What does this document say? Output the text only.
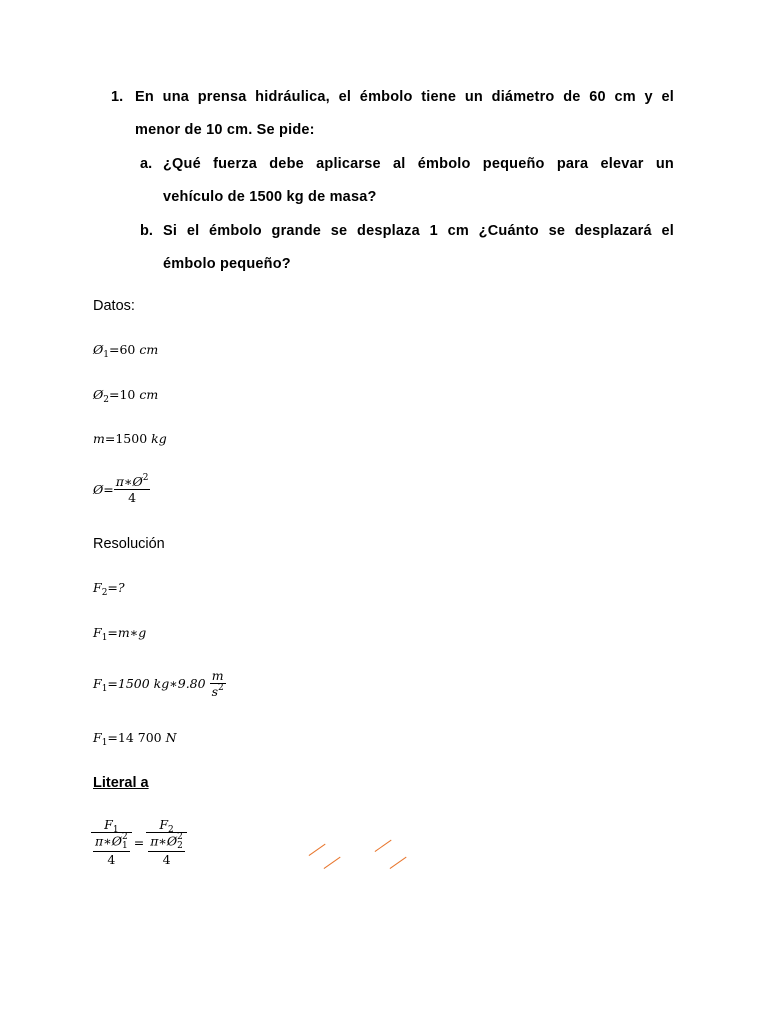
1. En una prensa hidráulica, el émbolo tiene un diámetro de 60 cm y el
menor de 10 cm. Se pide:
a. ¿Qué fuerza debe aplicarse al émbolo pequeño para elevar un
vehículo de 1500 kg de masa?
b. Si el émbolo grande se desplaza 1 cm ¿Cuánto se desplazará el
émbolo pequeño?
Datos:
$Ø_1=60$ cm
$Ø_2=10$ cm
m=1500 kg
Ø= $\frac{\pi∗Ø^2}{4}$
Resolución
$F_2=$?
$F_1=m∗g$
$F_1=1500$ kg∗9.80 $\frac{m}{s^2}$
$F_1=14$ 700 N
Literal a
$F_1$
π∗Ø 2
1
$4 = F_2$
π∗Ø 2
2
4
